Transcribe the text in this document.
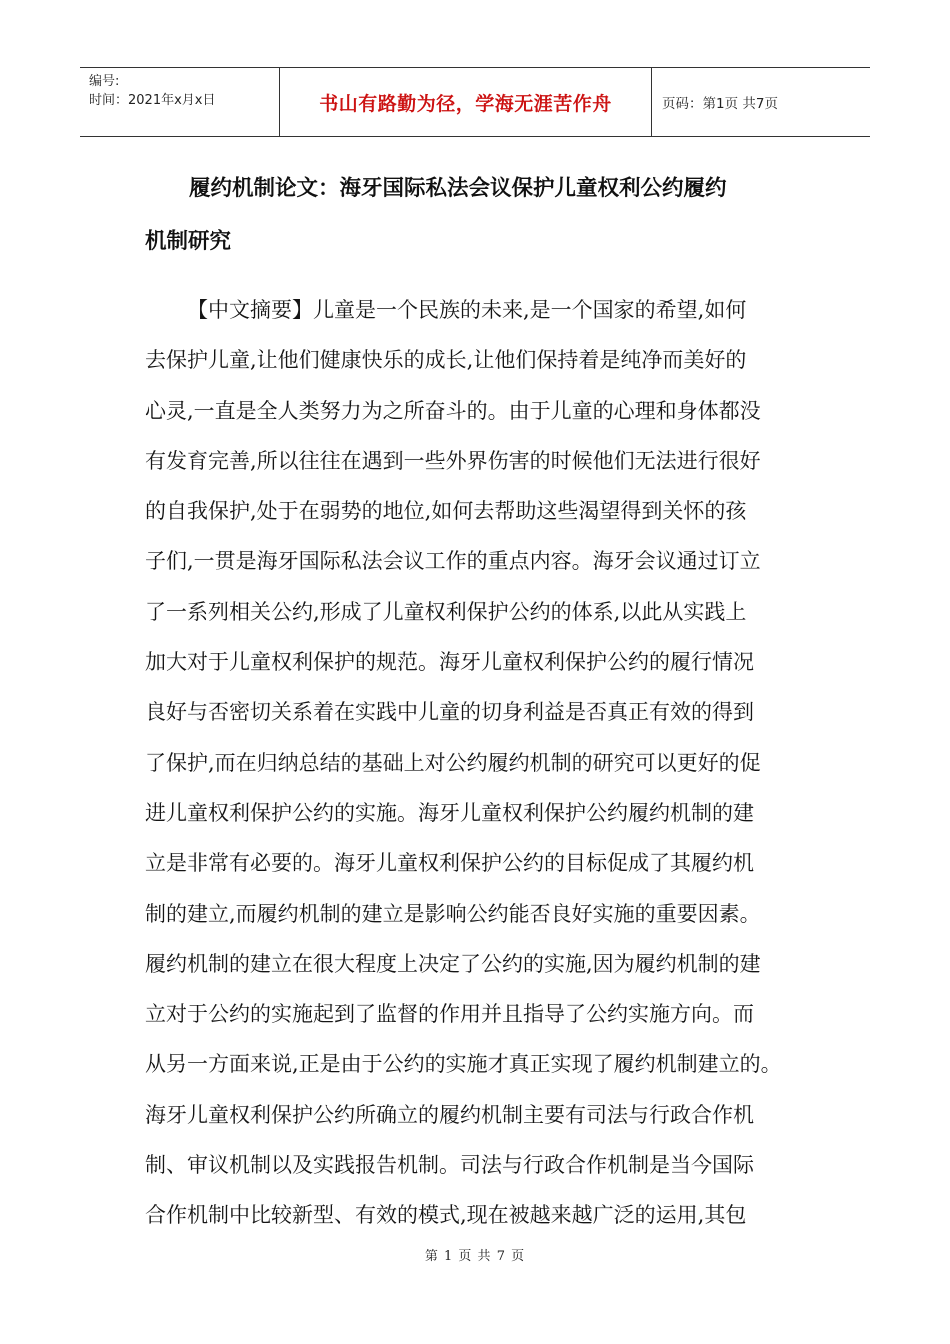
编号:
时间：2021年x月x日	书山有路勤为径，学海无涯苦作舟	页码：第1页 共7页
履约机制论文：海牙国际私法会议保护儿童权利公约履约
机制研究
【中文摘要】儿童是一个民族的未来,是一个国家的希望,如何
去保护儿童,让他们健康快乐的成长,让他们保持着是纯净而美好的
心灵,一直是全人类努力为之所奋斗的。由于儿童的心理和身体都没
有发育完善,所以往往在遇到一些外界伤害的时候他们无法进行很好
的自我保护,处于在弱势的地位,如何去帮助这些渴望得到关怀的孩
子们,一贯是海牙国际私法会议工作的重点内容。海牙会议通过订立
了一系列相关公约,形成了儿童权利保护公约的体系,以此从实践上
加大对于儿童权利保护的规范。海牙儿童权利保护公约的履行情况
良好与否密切关系着在实践中儿童的切身利益是否真正有效的得到
了保护,而在归纳总结的基础上对公约履约机制的研究可以更好的促
进儿童权利保护公约的实施。海牙儿童权利保护公约履约机制的建
立是非常有必要的。海牙儿童权利保护公约的目标促成了其履约机
制的建立,而履约机制的建立是影响公约能否良好实施的重要因素。
履约机制的建立在很大程度上决定了公约的实施,因为履约机制的建
立对于公约的实施起到了监督的作用并且指导了公约实施方向。而
从另一方面来说,正是由于公约的实施才真正实现了履约机制建立的。
海牙儿童权利保护公约所确立的履约机制主要有司法与行政合作机
制、审议机制以及实践报告机制。司法与行政合作机制是当今国际
合作机制中比较新型、有效的模式,现在被越来越广泛的运用,其包
第 1 页 共 7 页
